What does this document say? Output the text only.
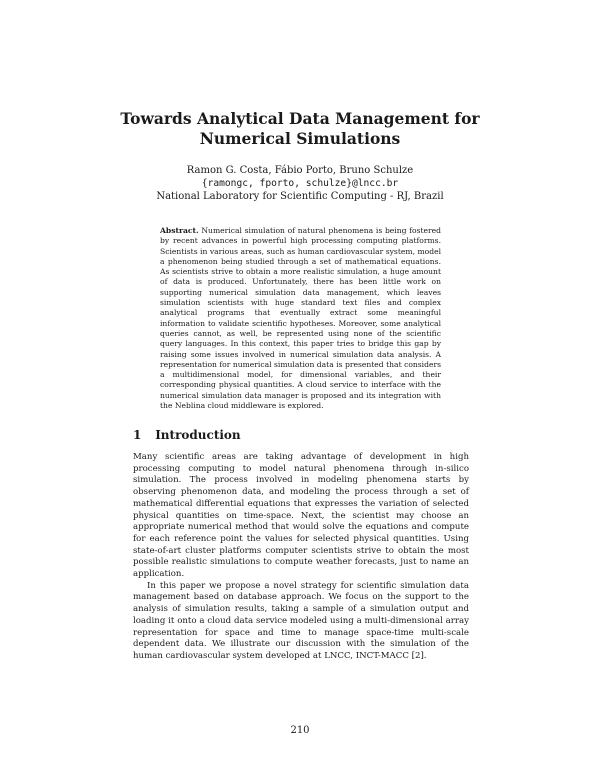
Towards Analytical Data Management for
Numerical Simulations
Ramon G. Costa, Fábio Porto, Bruno Schulze
{ramongc, fporto, schulze}@lncc.br
National Laboratory for Scientific Computing - RJ, Brazil
Abstract. Numerical simulation of natural phenomena is being fostered by recent advances in powerful high processing computing platforms. Scientists in various areas, such as human cardiovascular system, model a phenomenon being studied through a set of mathematical equations. As scientists strive to obtain a more realistic simulation, a huge amount of data is produced. Unfortunately, there has been little work on supporting numerical simulation data management, which leaves simulation scientists with huge standard text files and complex analytical programs that eventually extract some meaningful information to validate scientific hypotheses. Moreover, some analytical queries cannot, as well, be represented using none of the scientific query languages. In this context, this paper tries to bridge this gap by raising some issues involved in numerical simulation data analysis. A representation for numerical simulation data is presented that considers a multidimensional model, for dimensional variables, and their corresponding physical quantities. A cloud service to interface with the numerical simulation data manager is proposed and its integration with the Neblina cloud middleware is explored.
1 Introduction

Many scientific areas are taking advantage of development in high processing computing to model natural phenomena through in-silico simulation. The process involved in modeling phenomena starts by observing phenomenon data, and modeling the process through a set of mathematical differential equations that expresses the variation of selected physical quantities on time-space. Next, the scientist may choose an appropriate numerical method that would solve the equations and compute for each reference point the values for selected physical quantities. Using state-of-art cluster platforms computer scientists strive to obtain the most possible realistic simulations to compute weather forecasts, just to name an application.

In this paper we propose a novel strategy for scientific simulation data management based on database approach. We focus on the support to the analysis of simulation results, taking a sample of a simulation output and loading it onto a cloud data service modeled using a multi-dimensional array representation for space and time to manage space-time multi-scale dependent data. We illustrate our discussion with the simulation of the human cardiovascular system developed at LNCC, INCT-MACC [2].

210
